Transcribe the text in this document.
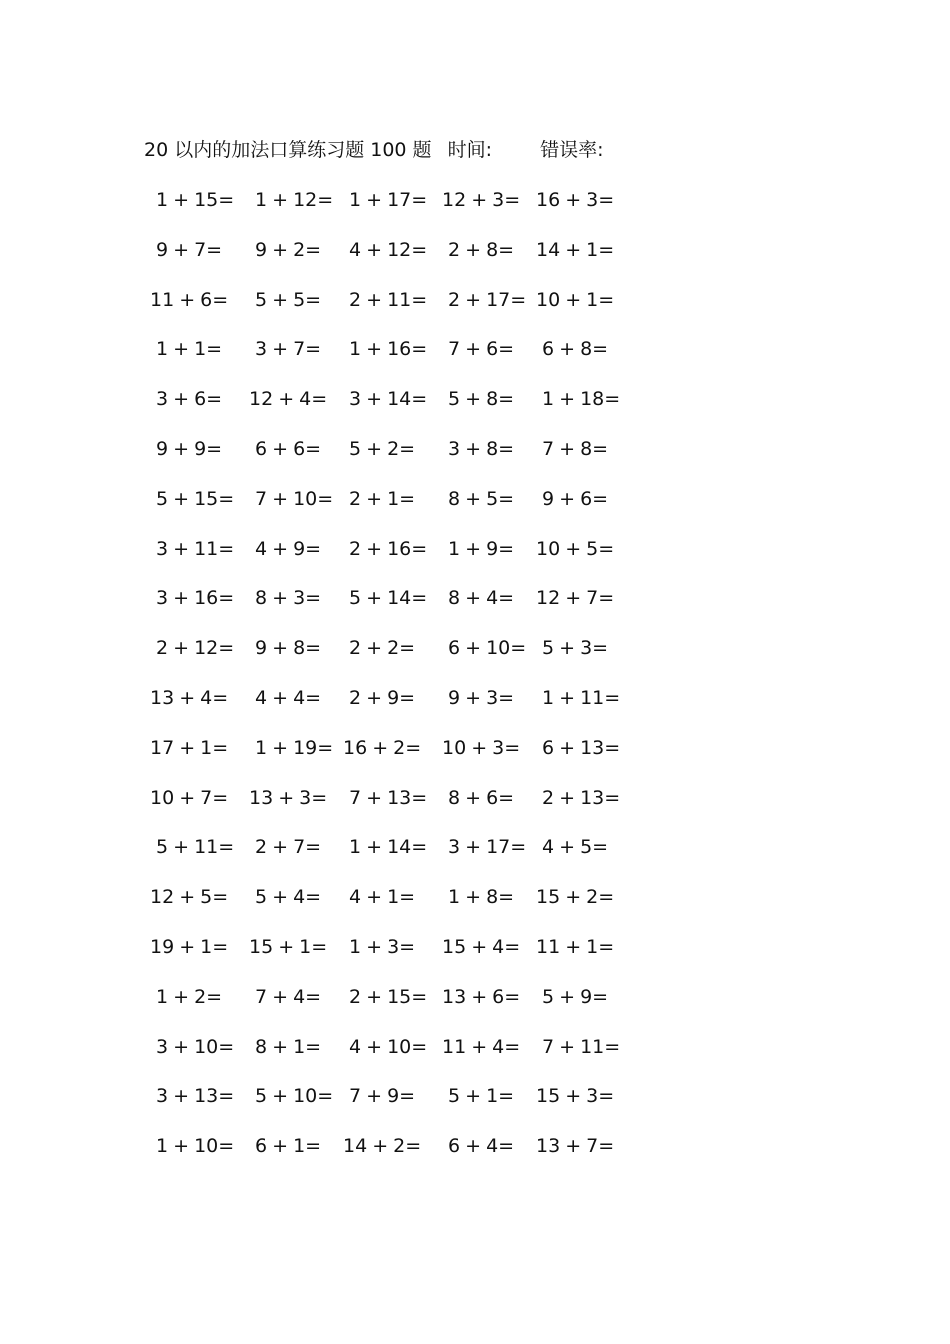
20 以内的加法口算练习题 100 题 时间:	错误率:
1 + 15= 1 + 12= 1 + 17= 12 + 3= 16 + 3=
9 + 7= 9 + 2= 4 + 12= 2 + 8= 14 + 1=
11 + 6= 5 + 5= 2 + 11= 2 + 17= 10 + 1=
1 + 1= 3 + 7= 1 + 16= 7 + 6= 6 + 8=
3 + 6= 12 + 4= 3 + 14= 5 + 8= 1 + 18=
9 + 9= 6 + 6= 5 + 2= 3 + 8= 7 + 8=
5 + 15= 7 + 10= 2 + 1= 8 + 5= 9 + 6=
3 + 11= 4 + 9= 2 + 16= 1 + 9= 10 + 5=
3 + 16= 8 + 3= 5 + 14= 8 + 4= 12 + 7=
2 + 12= 9 + 8= 2 + 2= 6 + 10= 5 + 3=
13 + 4= 4 + 4= 2 + 9= 9 + 3= 1 + 11=
17 + 1= 1 + 19= 16 + 2= 10 + 3= 6 + 13=
10 + 7= 13 + 3= 7 + 13= 8 + 6= 2 + 13=
5 + 11= 2 + 7= 1 + 14= 3 + 17= 4 + 5=
12 + 5= 5 + 4= 4 + 1= 1 + 8= 15 + 2=
19 + 1= 15 + 1= 1 + 3= 15 + 4= 11 + 1=
1 + 2= 7 + 4= 2 + 15= 13 + 6= 5 + 9=
3 + 10= 8 + 1= 4 + 10= 11 + 4= 7 + 11=
3 + 13= 5 + 10= 7 + 9= 5 + 1= 15 + 3=
1 + 10= 6 + 1= 14 + 2= 6 + 4= 13 + 7=
